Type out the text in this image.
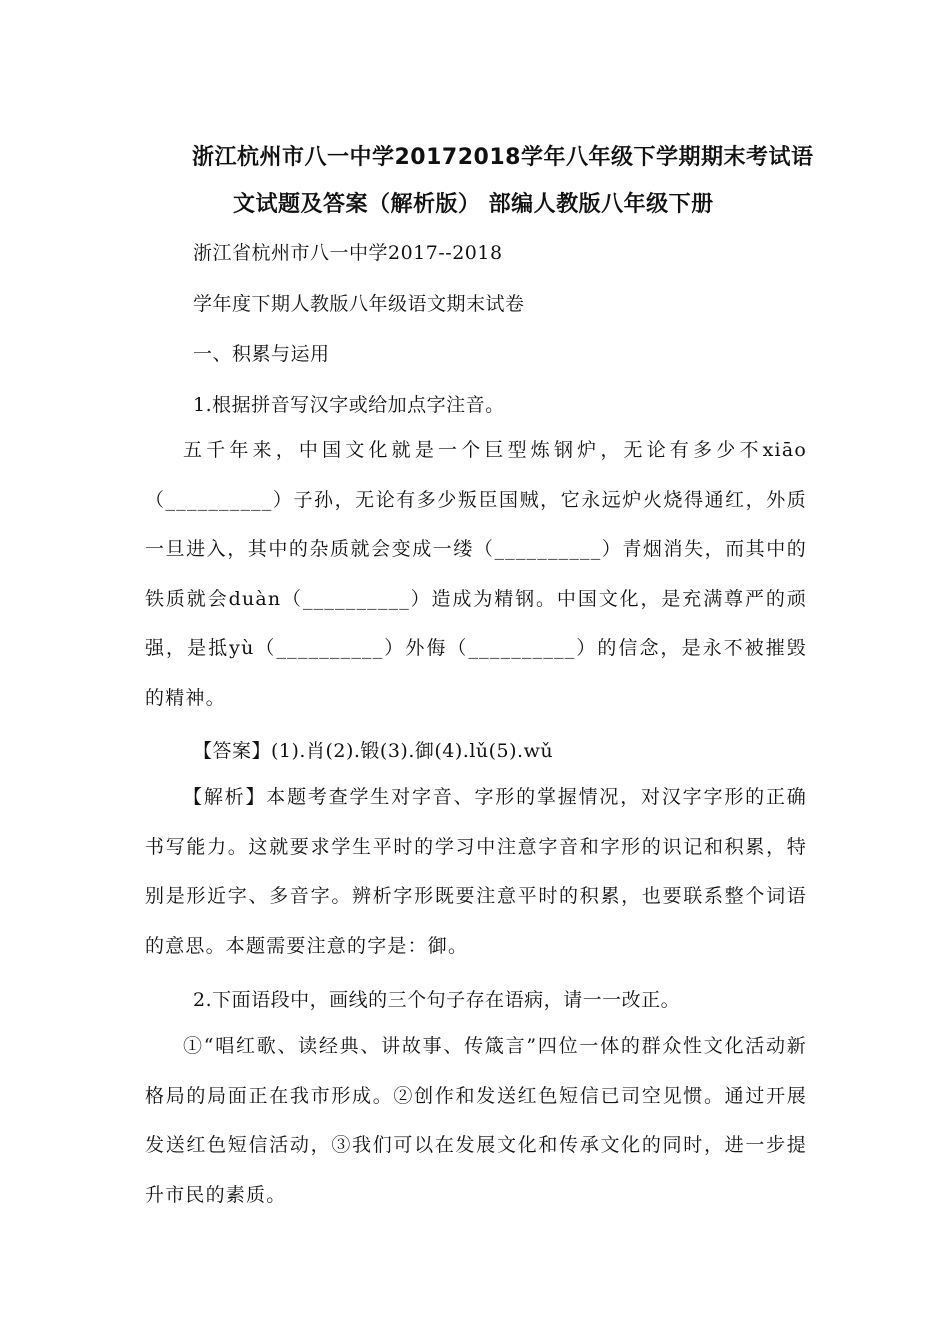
浙江杭州市八一中学20172018学年八年级下学期期末考试语
文试题及答案（解析版） 部编人教版八年级下册
浙江省杭州市八一中学2017--2018
学年度下期人教版八年级语文期末试卷
一、积累与运用
1.根据拼音写汉字或给加点字注音。
五千年来，中国文化就是一个巨型炼钢炉，无论有多少不xiāo（__________）子孙，无论有多少叛臣国贼，它永远炉火烧得通红，外质一旦进入，其中的杂质就会变成一缕（__________）青烟消失，而其中的铁质就会duàn（__________）造成为精钢。中国文化，是充满尊严的顽强，是抵yù（__________）外侮（__________）的信念，是永不被摧毁的精神。
【答案】(1).肖(2).锻(3).御(4).lǔ(5).wǔ
【解析】本题考查学生对字音、字形的掌握情况，对汉字字形的正确书写能力。这就要求学生平时的学习中注意字音和字形的识记和积累，特别是形近字、多音字。辨析字形既要注意平时的积累，也要联系整个词语的意思。本题需要注意的字是：御。
2.下面语段中，画线的三个句子存在语病，请一一改正。
①“唱红歌、读经典、讲故事、传箴言”四位一体的群众性文化活动新格局的局面正在我市形成。②创作和发送红色短信已司空见惯。通过开展发送红色短信活动，③我们可以在发展文化和传承文化的同时，进一步提升市民的素质。
